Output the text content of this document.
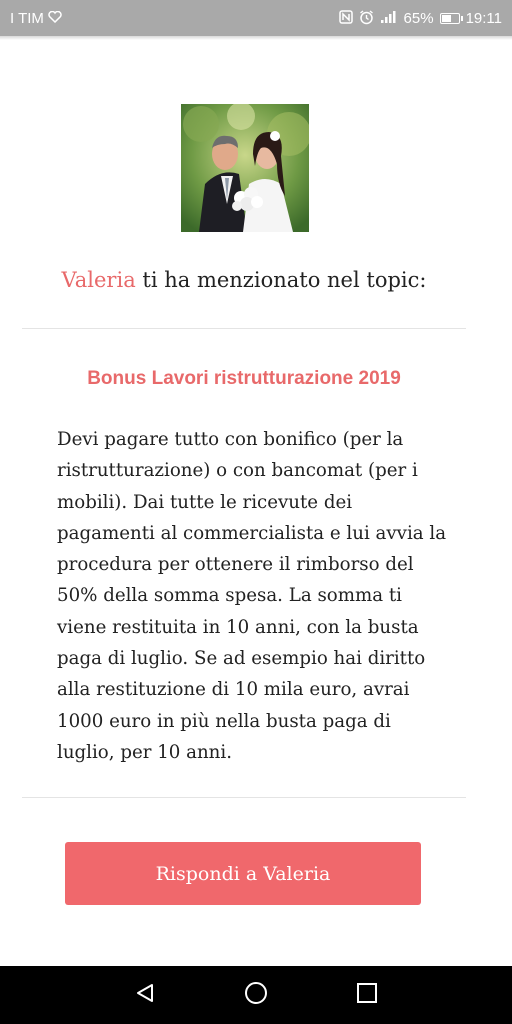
I TIM	65% 19:11
Valeria ti ha menzionato nel topic:
Bonus Lavori ristrutturazione 2019
Devi pagare tutto con bonifico (per la ristrutturazione) o con bancomat (per i mobili). Dai tutte le ricevute dei pagamenti al commercialista e lui avvia la procedura per ottenere il rimborso del 50% della somma spesa. La somma ti viene restituita in 10 anni, con la busta paga di luglio. Se ad esempio hai diritto alla restituzione di 10 mila euro, avrai 1000 euro in più nella busta paga di luglio, per 10 anni.
Rispondi a Valeria
